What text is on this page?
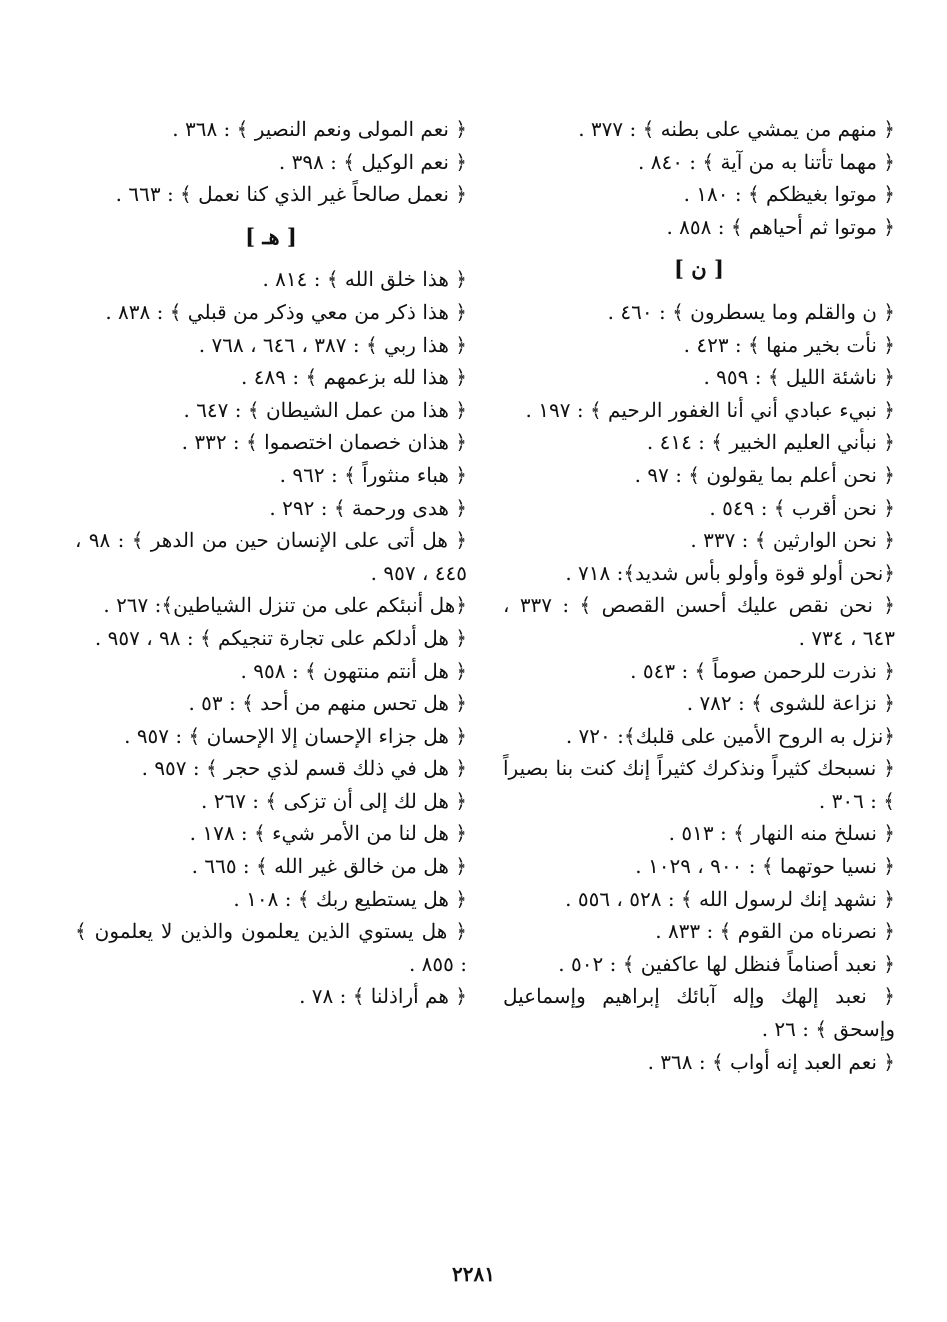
﴿ منهم من يمشي على بطنه ﴾ : ٣٧٧ .
﴿ مهما تأتنا به من آية ﴾ : ٨٤٠ .
﴿ موتوا بغيظكم ﴾ : ١٨٠ .
﴿ موتوا ثم أحياهم ﴾ : ٨٥٨ .
[ ن ]
﴿ ن والقلم وما يسطرون ﴾ : ٤٦٠ .
﴿ نأت بخير منها ﴾ : ٤٢٣ .
﴿ ناشئة الليل ﴾ : ٩٥٩ .
﴿ نبيء عبادي أني أنا الغفور الرحيم ﴾ : ١٩٧ .
﴿ نبأني العليم الخبير ﴾ : ٤١٤ .
﴿ نحن أعلم بما يقولون ﴾ : ٩٧ .
﴿ نحن أقرب ﴾ : ٥٤٩ .
﴿ نحن الوارثين ﴾ : ٣٣٧ .
﴿نحن أولو قوة وأولو بأس شديد﴾: ٧١٨ .
﴿ نحن نقص عليك أحسن القصص ﴾ : ٣٣٧ ، ٦٤٣ ، ٧٣٤ .
﴿ نذرت للرحمن صوماً ﴾ : ٥٤٣ .
﴿ نزاعة للشوى ﴾ : ٧٨٢ .
﴿نزل به الروح الأمين على قلبك﴾: ٧٢٠ .
﴿ نسبحك كثيراً ونذكرك كثيراً إنك كنت بنا بصيراً ﴾ : ٣٠٦ .
﴿ نسلخ منه النهار ﴾ : ٥١٣ .
﴿ نسيا حوتهما ﴾ : ٩٠٠ ، ١٠٢٩ .
﴿ نشهد إنك لرسول الله ﴾ : ٥٢٨ ، ٥٥٦ .
﴿ نصرناه من القوم ﴾ : ٨٣٣ .
﴿ نعبد أصناماً فنظل لها عاكفين ﴾ : ٥٠٢ .
﴿ نعبد إلهك وإله آبائك إبراهيم وإسماعيل وإسحق ﴾ : ٢٦ .
﴿ نعم العبد إنه أواب ﴾ : ٣٦٨ .
﴿ نعم المولى ونعم النصير ﴾ : ٣٦٨ .
﴿ نعم الوكيل ﴾ : ٣٩٨ .
﴿ نعمل صالحاً غير الذي كنا نعمل ﴾ : ٦٦٣ .
[ هـ ]
﴿ هذا خلق الله ﴾ : ٨١٤ .
﴿ هذا ذكر من معي وذكر من قبلي ﴾ : ٨٣٨ .
﴿ هذا ربي ﴾ : ٣٨٧ ، ٦٤٦ ، ٧٦٨ .
﴿ هذا لله بزعمهم ﴾ : ٤٨٩ .
﴿ هذا من عمل الشيطان ﴾ : ٦٤٧ .
﴿ هذان خصمان اختصموا ﴾ : ٣٣٢ .
﴿ هباء منثوراً ﴾ : ٩٦٢ .
﴿ هدى ورحمة ﴾ : ٢٩٢ .
﴿ هل أتى على الإنسان حين من الدهر ﴾ : ٩٨ ، ٤٤٥ ، ٩٥٧ .
﴿هل أنبئكم على من تنزل الشياطين﴾: ٢٦٧ .
﴿ هل أدلكم على تجارة تنجيكم ﴾ : ٩٨ ، ٩٥٧ .
﴿ هل أنتم منتهون ﴾ : ٩٥٨ .
﴿ هل تحس منهم من أحد ﴾ : ٥٣ .
﴿ هل جزاء الإحسان إلا الإحسان ﴾ : ٩٥٧ .
﴿ هل في ذلك قسم لذي حجر ﴾ : ٩٥٧ .
﴿ هل لك إلى أن تزكى ﴾ : ٢٦٧ .
﴿ هل لنا من الأمر شيء ﴾ : ١٧٨ .
﴿ هل من خالق غير الله ﴾ : ٦٦٥ .
﴿ هل يستطيع ربك ﴾ : ١٠٨ .
﴿ هل يستوي الذين يعلمون والذين لا يعلمون ﴾ : ٨٥٥ .
﴿ هم أراذلنا ﴾ : ٧٨ .
٢٢٨١
